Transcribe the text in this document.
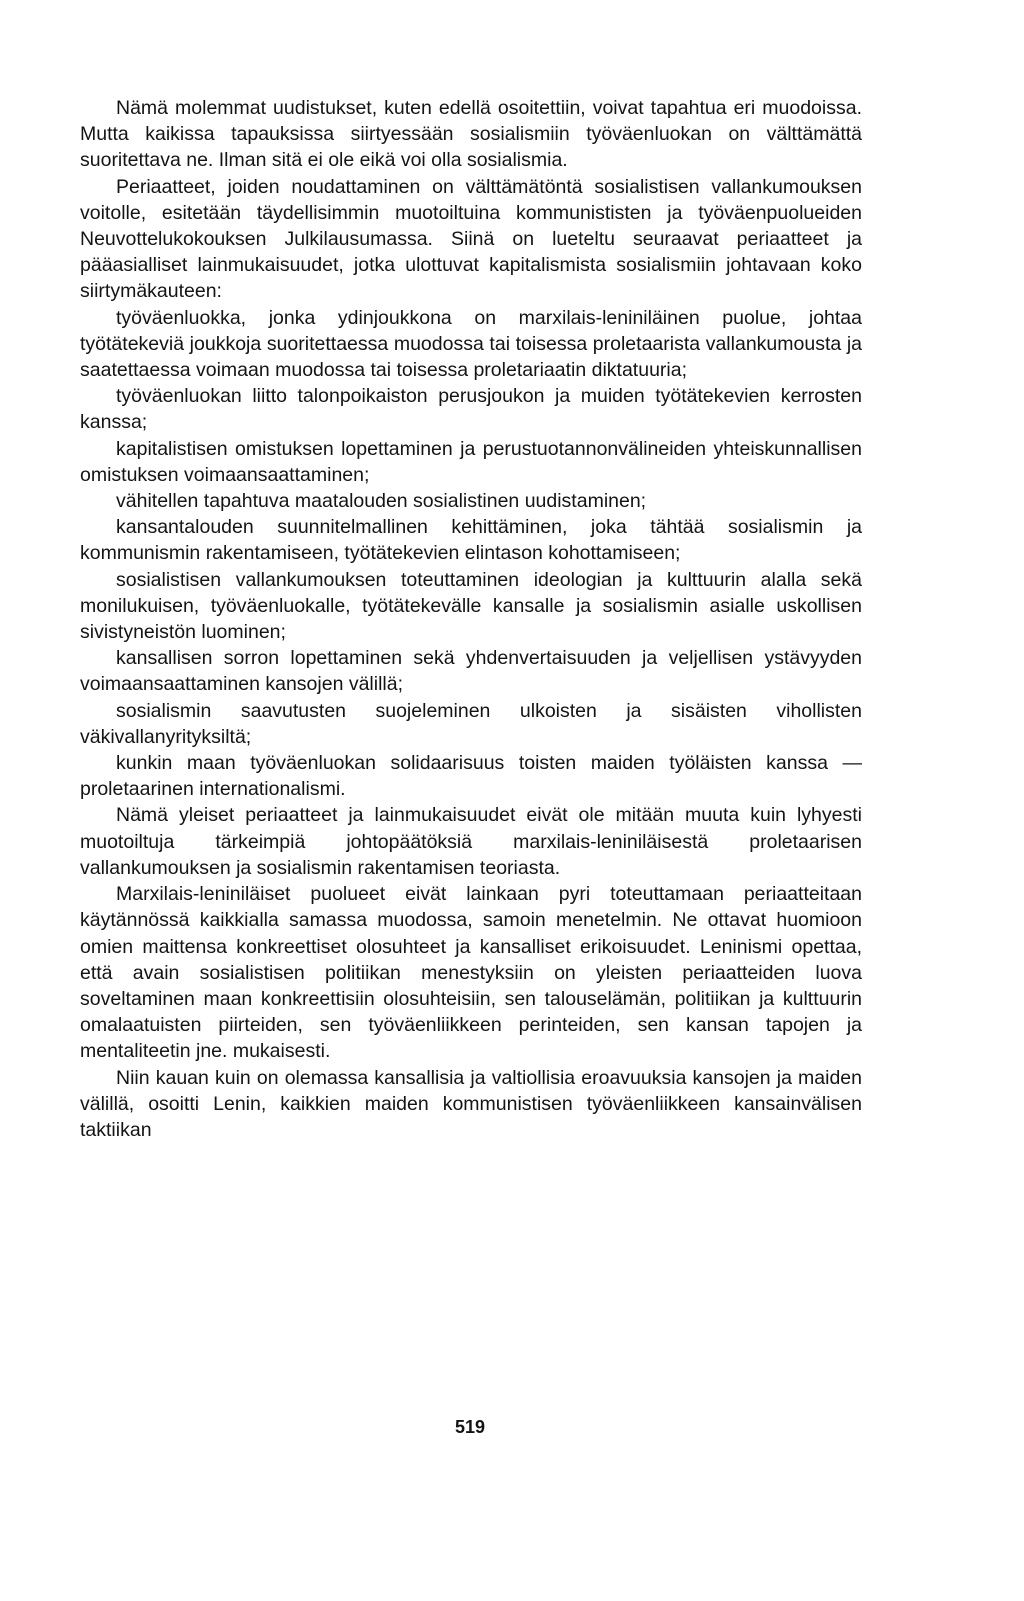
Nämä molemmat uudistukset, kuten edellä osoitettiin, voivat tapahtua eri muodoissa. Mutta kaikissa tapauksissa siirtyessään sosialismiin työväenluokan on välttämättä suoritettava ne. Ilman sitä ei ole eikä voi olla sosialismia.

Periaatteet, joiden noudattaminen on välttämätöntä sosialistisen vallankumouksen voitolle, esitetään täydellisimmin muotoiltuina kommunististen ja työväenpuolueiden Neuvottelukokouksen Julkilausumassa. Siinä on lueteltu seuraavat periaatteet ja pääasialliset lainmukaisuudet, jotka ulottuvat kapitalismista sosialismiin johtavaan koko siirtymäkauteen:

työväenluokka, jonka ydinjoukkona on marxilais-leniniläinen puolue, johtaa työtätekeviä joukkoja suoritettaessa muodossa tai toisessa proletaarista vallankumousta ja saatettaessa voimaan muodossa tai toisessa proletariaatin diktatuuria;

työväenluokan liitto talonpoikaiston perusjoukon ja muiden työtätekevien kerrosten kanssa;

kapitalistisen omistuksen lopettaminen ja perustuotannonvälineiden yhteiskunnallisen omistuksen voimaansaattaminen;

vähitellen tapahtuva maatalouden sosialistinen uudistaminen;

kansantalouden suunnitelmallinen kehittäminen, joka tähtää sosialismin ja kommunismin rakentamiseen, työtätekevien elintason kohottamiseen;

sosialistisen vallankumouksen toteuttaminen ideologian ja kulttuurin alalla sekä monilukuisen, työväenluokalle, työtätekevälle kansalle ja sosialismin asialle uskollisen sivistyneistön luominen;

kansallisen sorron lopettaminen sekä yhdenvertaisuuden ja veljellisen ystävyyden voimaansaattaminen kansojen välillä;

sosialismin saavutusten suojeleminen ulkoisten ja sisäisten vihollisten väkivallanyrityksiltä;

kunkin maan työväenluokan solidaarisuus toisten maiden työläisten kanssa — proletaarinen internationalismi.

Nämä yleiset periaatteet ja lainmukaisuudet eivät ole mitään muuta kuin lyhyesti muotoiltuja tärkeimpiä johtopäätöksiä marxilais-leniniläisestä proletaarisen vallankumouksen ja sosialismin rakentamisen teoriasta.

Marxilais-leniniläiset puolueet eivät lainkaan pyri toteuttamaan periaatteitaan käytännössä kaikkialla samassa muodossa, samoin menetelmin. Ne ottavat huomioon omien maittensa konkreettiset olosuhteet ja kansalliset erikoisuudet. Leninismi opettaa, että avain sosialistisen politiikan menestyksiin on yleisten periaatteiden luova soveltaminen maan konkreettisiin olosuhteisiin, sen talouselämän, politiikan ja kulttuurin omalaatuisten piirteiden, sen työväenliikkeen perinteiden, sen kansan tapojen ja mentaliteetin jne. mukaisesti.

Niin kauan kuin on olemassa kansallisia ja valtiollisia eroavuuksia kansojen ja maiden välillä, osoitti Lenin, kaikkien maiden kommunistisen työväenliikkeen kansainvälisen taktiikan

519
